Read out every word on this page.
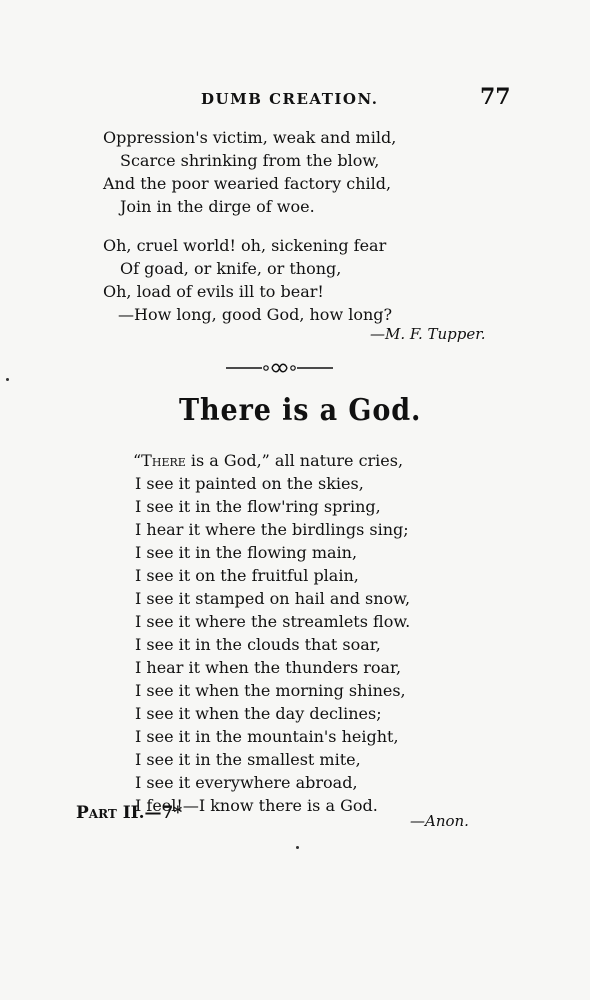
DUMB CREATION.	77
Oppression's victim, weak and mild,
Scarce shrinking from the blow,
And the poor wearied factory child,
Join in the dirge of woe.
Oh, cruel world! oh, sickening fear
Of goad, or knife, or thong,
Oh, load of evils ill to bear!
—How long, good God, how long?
—M. F. Tupper.
There is a God.
“There is a God,” all nature cries,
I see it painted on the skies,
I see it in the flow'ring spring,
I hear it where the birdlings sing;
I see it in the flowing main,
I see it on the fruitful plain,
I see it stamped on hail and snow,
I see it where the streamlets flow.
I see it in the clouds that soar,
I hear it when the thunders roar,
I see it when the morning shines,
I see it when the day declines;
I see it in the mountain's height,
I see it in the smallest mite,
I see it everywhere abroad,
I feel!—I know there is a God.
—Anon.
Part II.—7*
